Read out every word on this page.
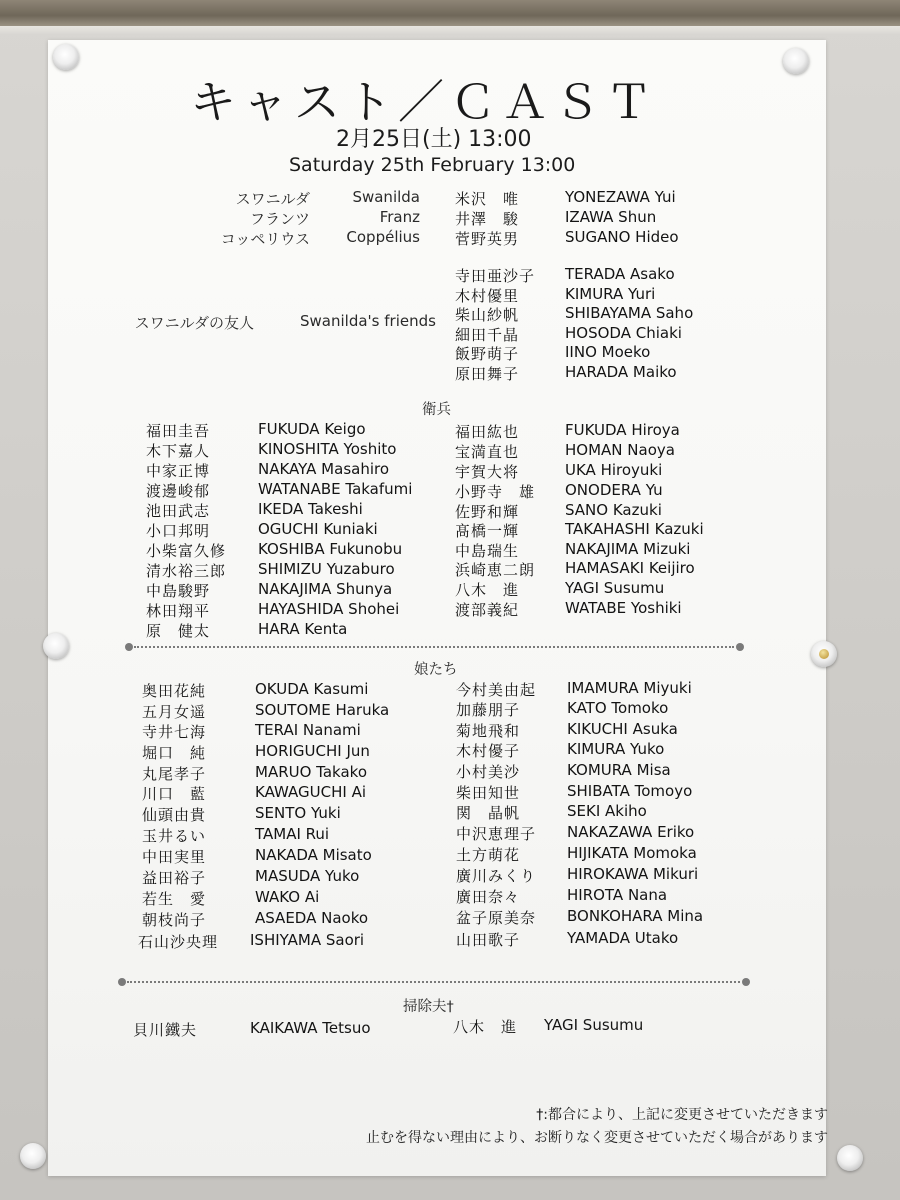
キャスト／ＣＡＳＴ
2月25日(土) 13:00
Saturday 25th February 13:00
スワニルダ	Swanilda 米沢　唯	YONEZAWA Yui
フランツ	Franz 井澤　駿	IZAWA Shun
コッペリウス	Coppélius 菅野英男	SUGANO Hideo
スワニルダの友人	Swanilda's friends
寺田亜沙子 TERADA Asako
木村優里	KIMURA Yuri
柴山紗帆	SHIBAYAMA Saho
細田千晶	HOSODA Chiaki
飯野萌子	IINO Moeko
原田舞子	HARADA Maiko
衛兵
福田圭吾	FUKUDA Keigo
木下嘉人	KINOSHITA Yoshito
中家正博	NAKAYA Masahiro
渡邊峻郁	WATANABE Takafumi
池田武志	IKEDA Takeshi
小口邦明	OGUCHI Kuniaki
小柴富久修 KOSHIBA Fukunobu
清水裕三郎 SHIMIZU Yuzaburo
中島駿野	NAKAJIMA Shunya
林田翔平	HAYASHIDA Shohei
原　健太	HARA Kenta
福田紘也	FUKUDA Hiroya
宝満直也	HOMAN Naoya
宇賀大将	UKA Hiroyuki
小野寺　雄 ONODERA Yu
佐野和輝	SANO Kazuki
髙橋一輝	TAKAHASHI Kazuki
中島瑞生	NAKAJIMA Mizuki
浜崎恵二朗 HAMASAKI Keijiro
八木　進	YAGI Susumu
渡部義紀	WATABE Yoshiki
娘たち
奥田花純	OKUDA Kasumi
五月女遥	SOUTOME Haruka
寺井七海	TERAI Nanami
堀口　純	HORIGUCHI Jun
丸尾孝子	MARUO Takako
川口　藍	KAWAGUCHI Ai
仙頭由貴	SENTO Yuki
玉井るい	TAMAI Rui
中田実里	NAKADA Misato
益田裕子	MASUDA Yuko
若生　愛	WAKO Ai
朝枝尚子	ASAEDA Naoko
石山沙央理 ISHIYAMA Saori
今村美由起 IMAMURA Miyuki
加藤朋子	KATO Tomoko
菊地飛和	KIKUCHI Asuka
木村優子	KIMURA Yuko
小村美沙	KOMURA Misa
柴田知世	SHIBATA Tomoyo
関　晶帆	SEKI Akiho
中沢恵理子 NAKAZAWA Eriko
土方萌花	HIJIKATA Momoka
廣川みくり HIROKAWA Mikuri
廣田奈々	HIROTA Nana
盆子原美奈 BONKOHARA Mina
山田歌子	YAMADA Utako
掃除夫†
貝川鐵夫	KAIKAWA Tetsuo	八木　進 YAGI Susumu
†:都合により、上記に変更させていただきます
止むを得ない理由により、お断りなく変更させていただく場合があります
